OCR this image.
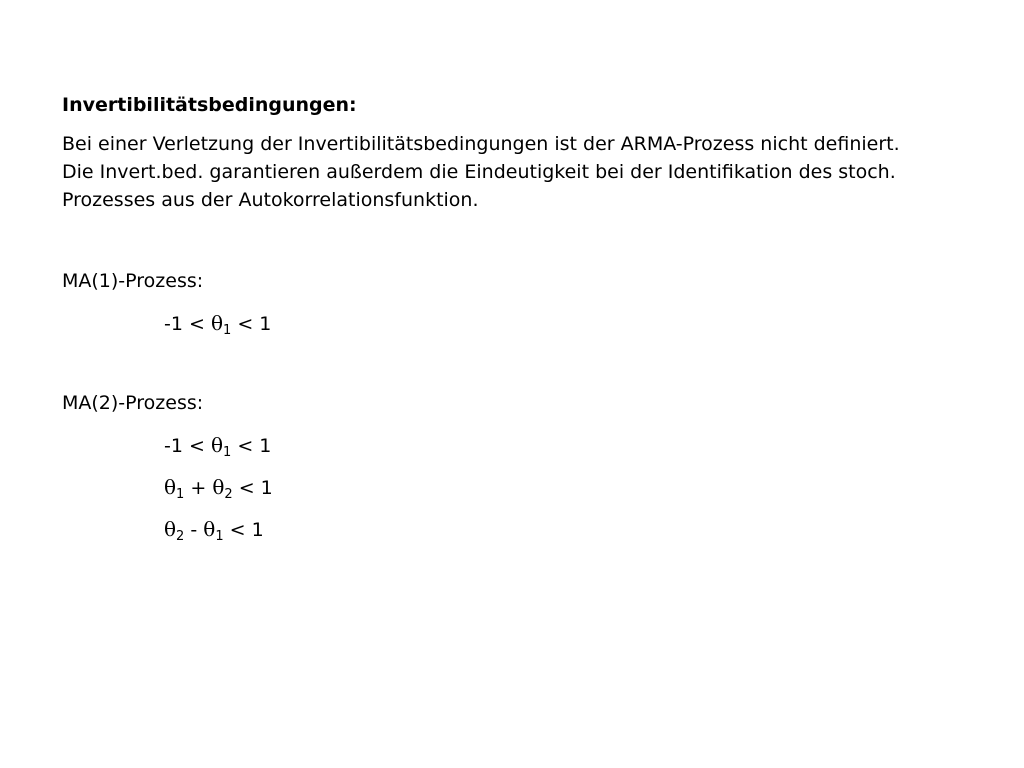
Invertibilitätsbedingungen:

Bei einer Verletzung der Invertibilitätsbedingungen ist der ARMA-Prozess nicht definiert.
Die Invert.bed. garantieren außerdem die Eindeutigkeit bei der Identifikation des stoch.
Prozesses aus der Autokorrelationsfunktion.

MA(1)-Prozess:

$-1 < \theta_1 < 1$

MA(2)-Prozess:

$-1 < \theta_1 < 1$
$\theta_1 + \theta_2 < 1$
$\theta_2 - \theta_1 < 1$
